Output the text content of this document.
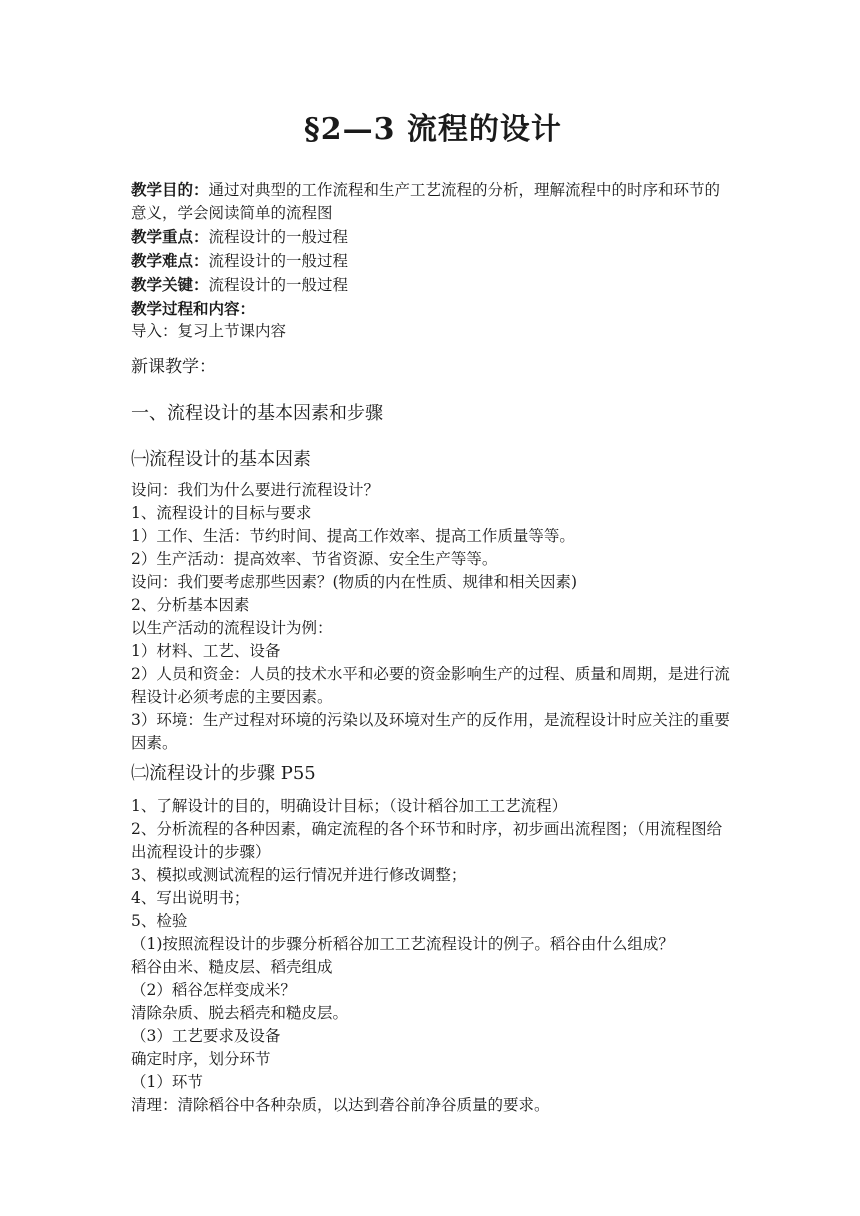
§2—3 流程的设计

教学目的：通过对典型的工作流程和生产工艺流程的分析，理解流程中的时序和环节的意义，学会阅读简单的流程图

教学重点：流程设计的一般过程

教学难点：流程设计的一般过程

教学关键：流程设计的一般过程

教学过程和内容：

导入：复习上节课内容

新课教学：

一、流程设计的基本因素和步骤

㈠流程设计的基本因素

设问：我们为什么要进行流程设计？

1、流程设计的目标与要求

1）工作、生活：节约时间、提高工作效率、提高工作质量等等。

2）生产活动：提高效率、节省资源、安全生产等等。

设问：我们要考虑那些因素？(物质的内在性质、规律和相关因素)

2、分析基本因素

以生产活动的流程设计为例：

1）材料、工艺、设备

2）人员和资金：人员的技术水平和必要的资金影响生产的过程、质量和周期，是进行流程设计必须考虑的主要因素。

3）环境：生产过程对环境的污染以及环境对生产的反作用，是流程设计时应关注的重要因素。

㈡流程设计的步骤 P55

1、了解设计的目的，明确设计目标；（设计稻谷加工工艺流程）

2、分析流程的各种因素，确定流程的各个环节和时序，初步画出流程图；（用流程图给出流程设计的步骤）

3、模拟或测试流程的运行情况并进行修改调整；

4、写出说明书；

5、检验

（1)按照流程设计的步骤分析稻谷加工工艺流程设计的例子。稻谷由什么组成？

稻谷由米、糙皮层、稻壳组成

（2）稻谷怎样变成米？

清除杂质、脱去稻壳和糙皮层。

（3）工艺要求及设备

确定时序，划分环节

（1）环节

清理：清除稻谷中各种杂质，以达到砻谷前净谷质量的要求。
